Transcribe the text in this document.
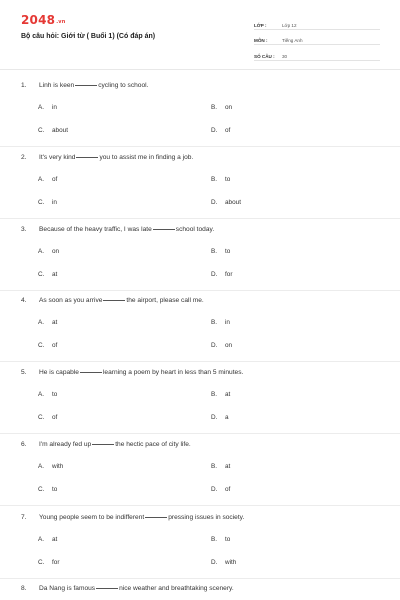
2048.vn
Bộ câu hỏi: Giới từ ( Buổi 1) (Có đáp án)
LỚP :	Lớp 12
MÔN :	Tiếng Anh
SỐ CÂU :	30
1. Linh is keen	cycling to school.
A. in	B. on
C. about	D. of
2. It's very kind	you to assist me in finding a job.
A. of	B. to
C. in	D. about
3. Because of the heavy traffic, I was late	school today.
A. on	B. to
C. at	D. for
4. As soon as you arrive	the airport, please call me.
A. at	B. in
C. of	D. on
5. He is capable	learning a poem by heart in less than 5 minutes.
A. to	B. at
C. of	D. a
6. I'm already fed up	the hectic pace of city life.
A. with	B. at
C. to	D. of
7. Young people seem to be indifferent	pressing issues in society.
A. at	B. to
C. for	D. with
8. Da Nang is famous	nice weather and breathtaking scenery.
